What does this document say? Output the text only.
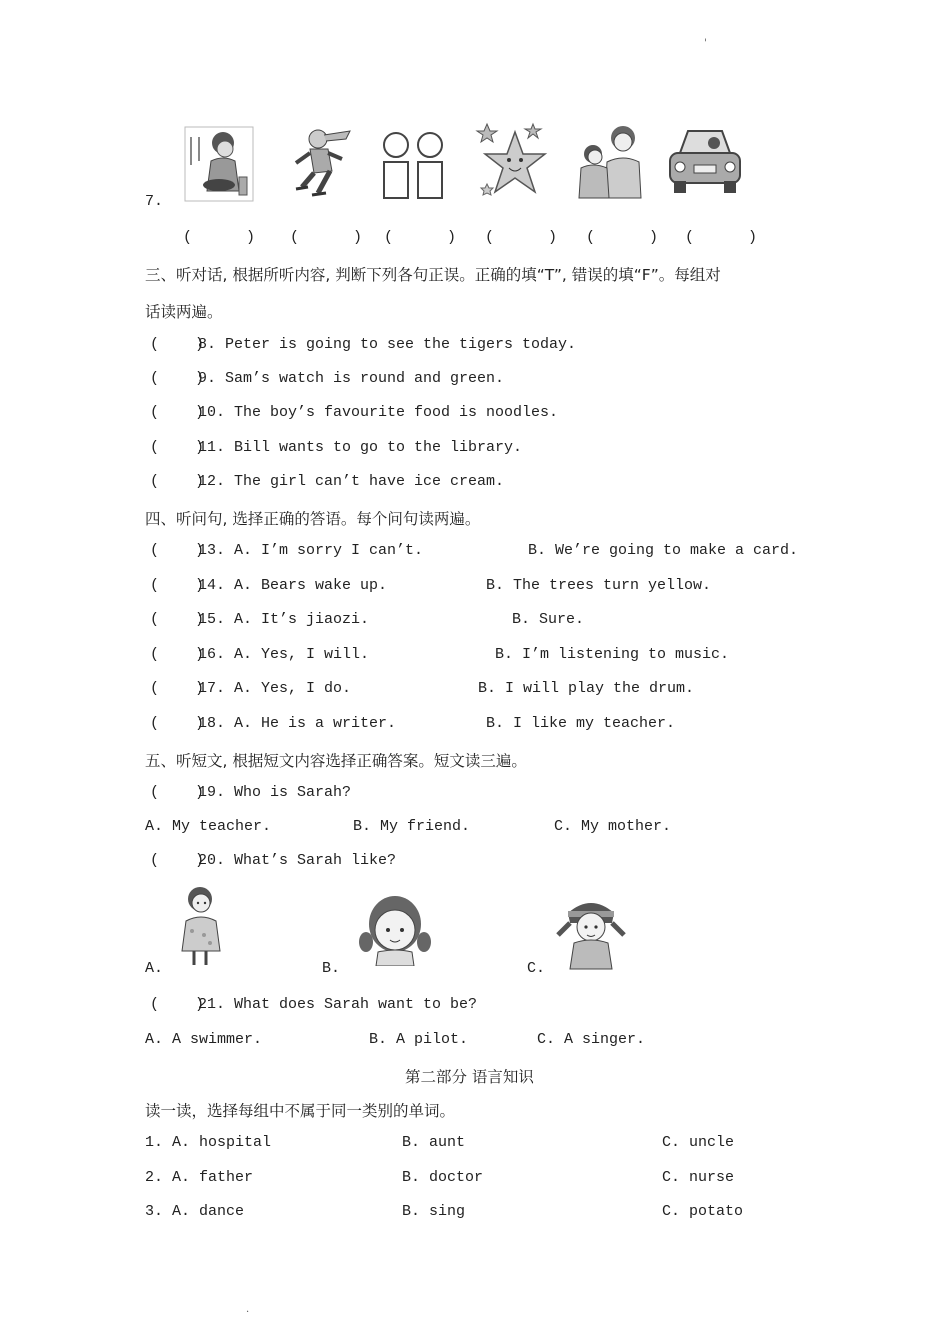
'
7.
(      ) (      ) (      ) (      ) (      ) (      )
三、听对话, 根据所听内容, 判断下列各句正误。正确的填“T”, 错误的填“F”。每组对
话读两遍。
(    )
8. Peter is going to see the tigers today.
(    )
9. Sam’s watch is round and green.
(    )
10. The boy’s favourite food is noodles.
(    )
11. Bill wants to go to the library.
(    )
12. The girl can’t have ice cream.
四、听问句, 选择正确的答语。每个问句读两遍。
(    )
13. A. I’m sorry I can’t.	B. We’re going to make a card.
(    )
14. A. Bears wake up.	B. The trees turn yellow.
(    )
15. A. It’s jiaozi.	B. Sure.
(    )
16. A. Yes, I will.	B. I’m listening to music.
(    )
17. A. Yes, I do.	B. I will play the drum.
(    )
18. A. He is a writer.	B. I like my teacher.
五、听短文, 根据短文内容选择正确答案。短文读三遍。
(    )
19. Who is Sarah?
A. My teacher.	B. My friend.	C. My mother.
(    )
20. What’s Sarah like?
A.	B.	C.
(    )
21. What does Sarah want to be?
A. A swimmer.	B. A pilot.	C. A singer.
第二部分 语言知识
读一读，选择每组中不属于同一类别的单词。
1. A. hospital	B. aunt	C. uncle
2. A. father	B. doctor	C. nurse
3. A. dance	B. sing	C. potato
.
